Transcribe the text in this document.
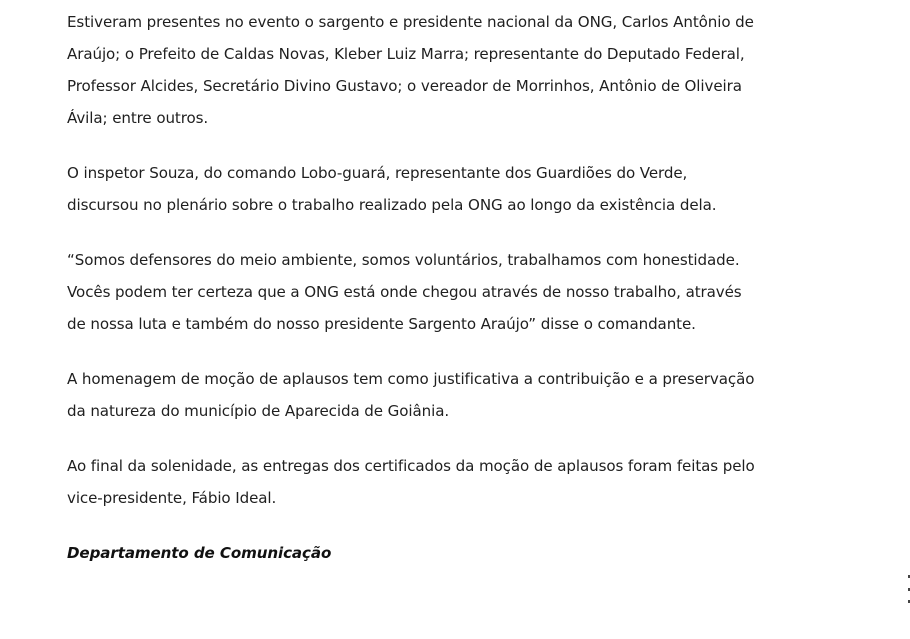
Estiveram presentes no evento o sargento e presidente nacional da ONG, Carlos Antônio de Araújo; o Prefeito de Caldas Novas, Kleber Luiz Marra; representante do Deputado Federal, Professor Alcides, Secretário Divino Gustavo; o vereador de Morrinhos, Antônio de Oliveira Ávila; entre outros.

O inspetor Souza, do comando Lobo-guará, representante dos Guardiões do Verde, discursou no plenário sobre o trabalho realizado pela ONG ao longo da existência dela.

“Somos defensores do meio ambiente, somos voluntários, trabalhamos com honestidade. Vocês podem ter certeza que a ONG está onde chegou através de nosso trabalho, através de nossa luta e também do nosso presidente Sargento Araújo” disse o comandante.

A homenagem de moção de aplausos tem como justificativa a contribuição e a preservação da natureza do município de Aparecida de Goiânia.

Ao final da solenidade, as entregas dos certificados da moção de aplausos foram feitas pelo vice-presidente, Fábio Ideal.

Departamento de Comunicação
